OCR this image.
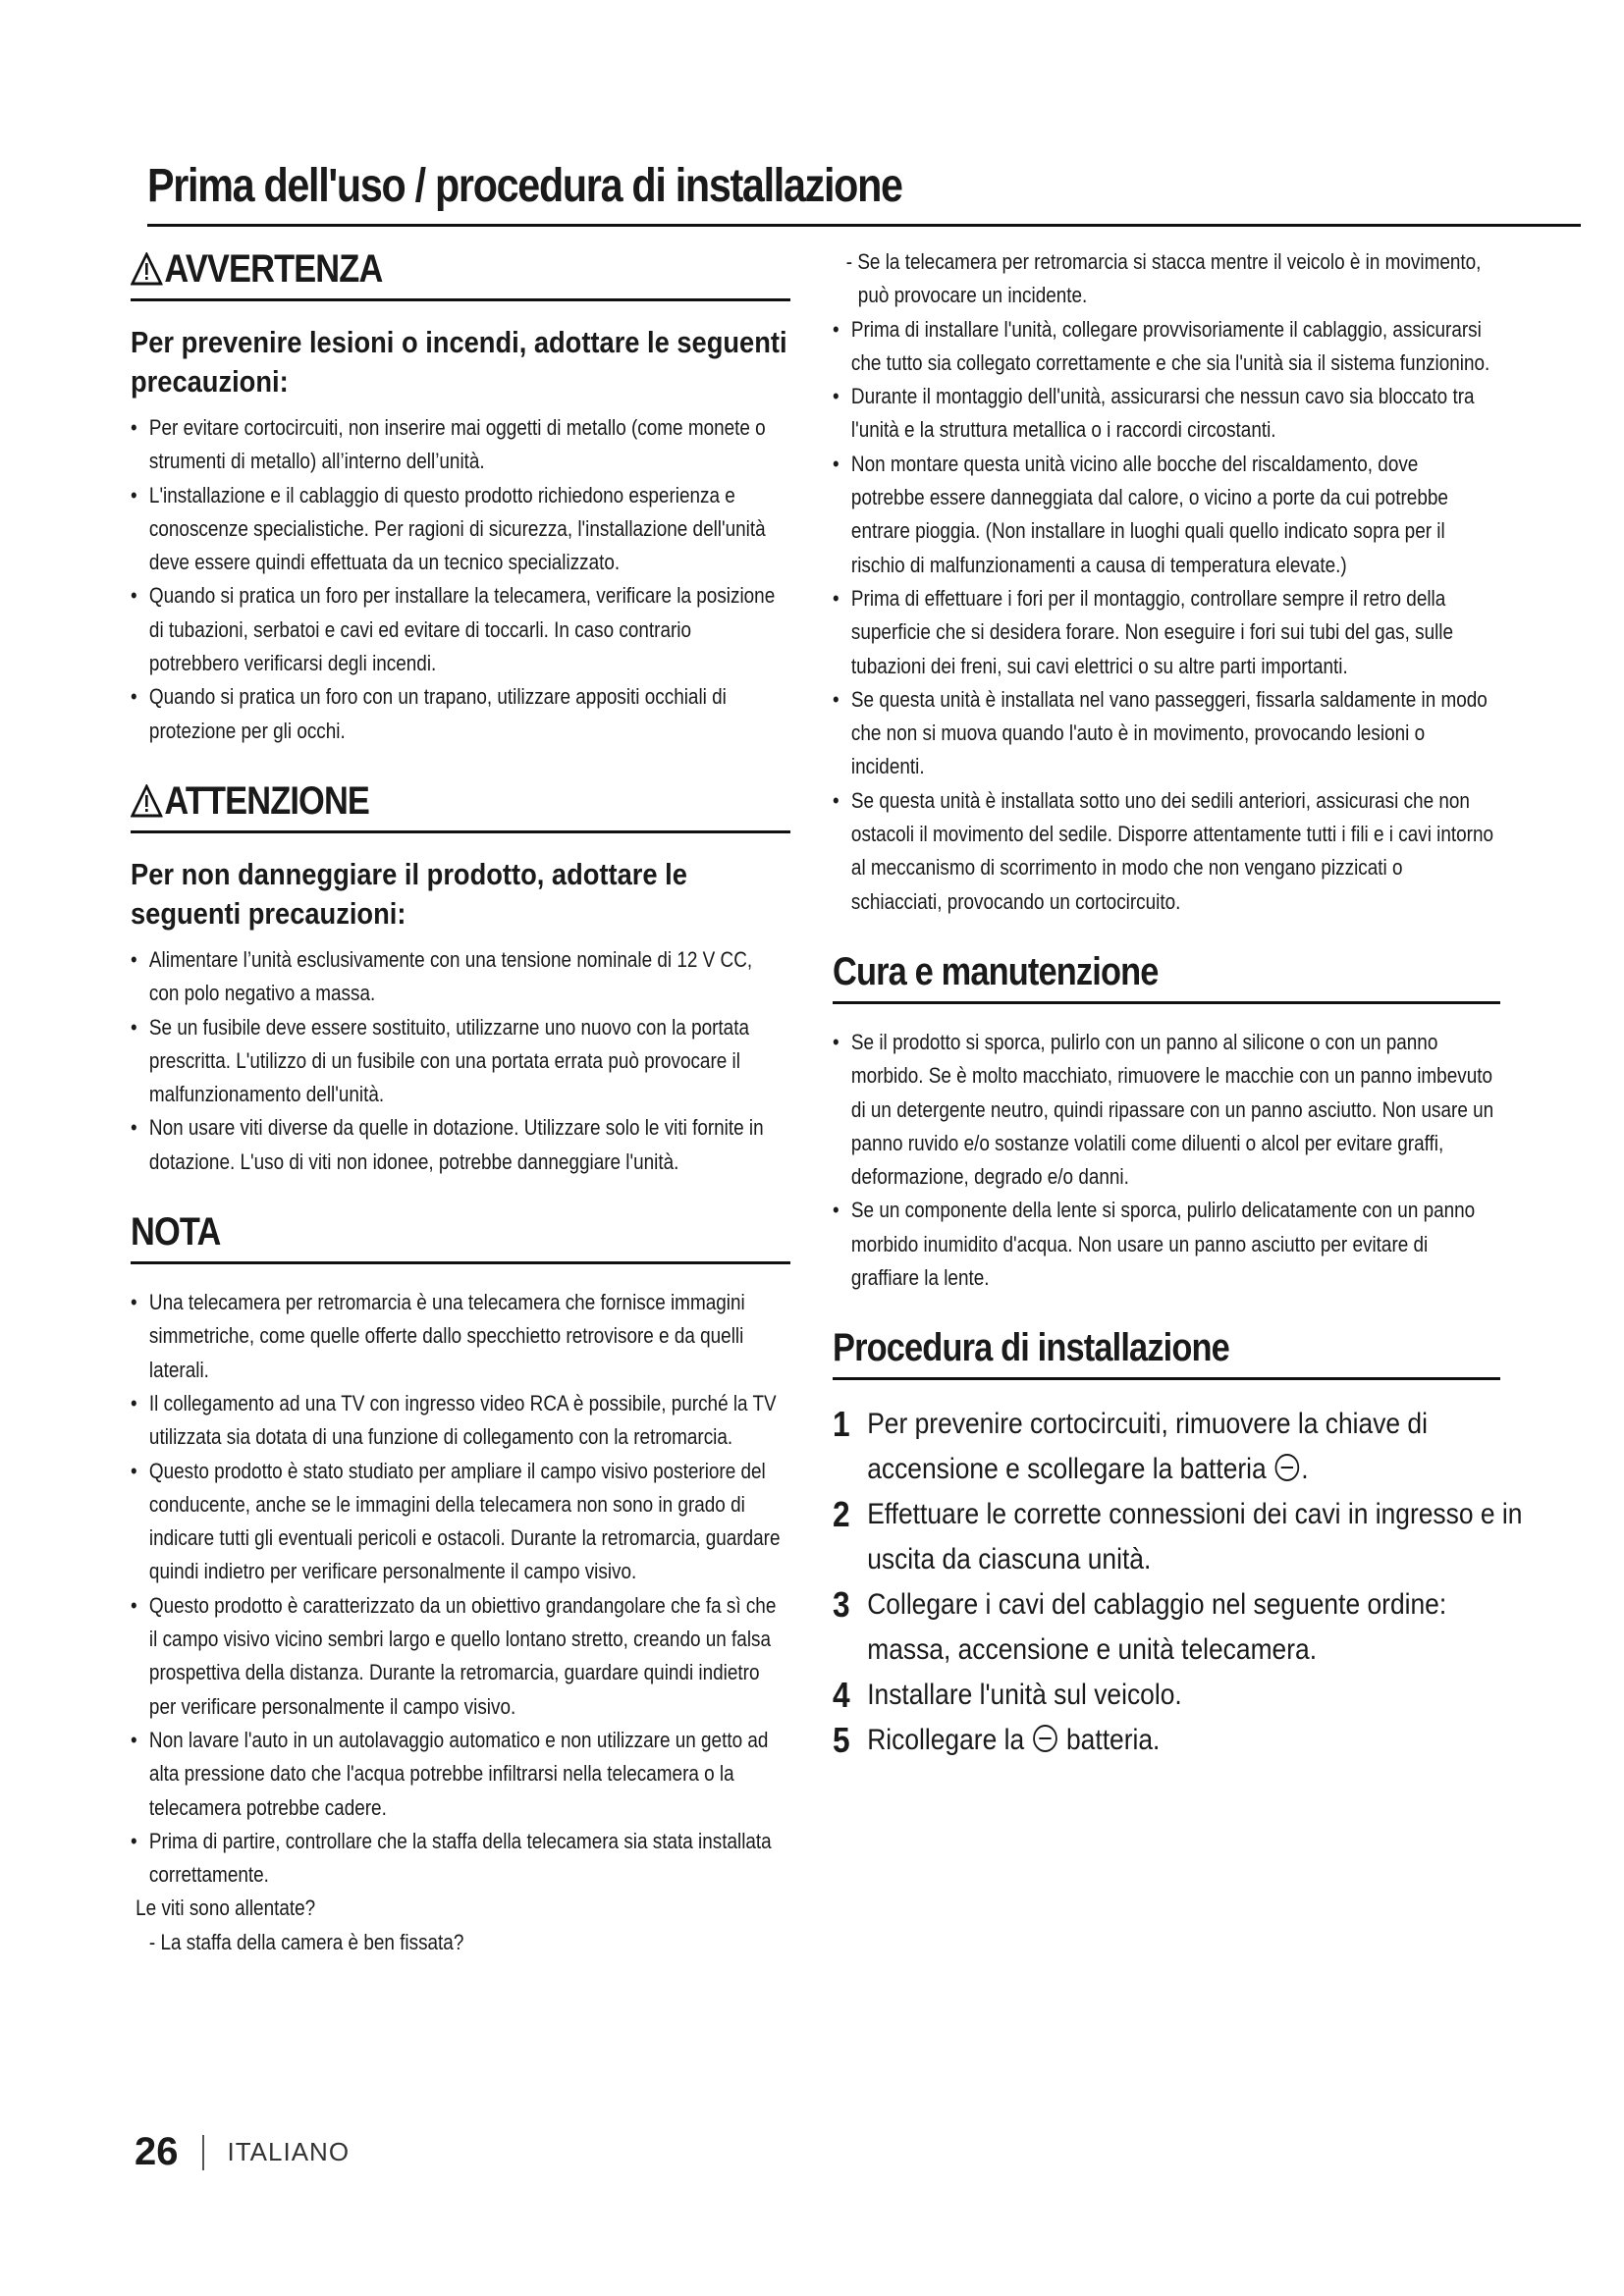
Prima dell'uso / procedura di installazione
AVVERTENZA
Per prevenire lesioni o incendi, adottare le seguenti precauzioni:
• Per evitare cortocircuiti, non inserire mai oggetti di metallo (come monete o strumenti di metallo) all’interno dell’unità.
• L'installazione e il cablaggio di questo prodotto richiedono esperienza e conoscenze specialistiche. Per ragioni di sicurezza, l'installazione dell'unità deve essere quindi effettuata da un tecnico specializzato.
• Quando si pratica un foro per installare la telecamera, verificare la posizione di tubazioni, serbatoi e cavi ed evitare di toccarli. In caso contrario potrebbero verificarsi degli incendi.
• Quando si pratica un foro con un trapano, utilizzare appositi occhiali di protezione per gli occhi.
ATTENZIONE
Per non danneggiare il prodotto, adottare le seguenti precauzioni:
• Alimentare l’unità esclusivamente con una tensione nominale di 12 V CC, con polo negativo a massa.
• Se un fusibile deve essere sostituito, utilizzarne uno nuovo con la portata prescritta. L'utilizzo di un fusibile con una portata errata può provocare il malfunzionamento dell'unità.
• Non usare viti diverse da quelle in dotazione. Utilizzare solo le viti fornite in dotazione. L'uso di viti non idonee, potrebbe danneggiare l'unità.
NOTA
• Una telecamera per retromarcia è una telecamera che fornisce immagini simmetriche, come quelle offerte dallo specchietto retrovisore e da quelli laterali.
• Il collegamento ad una TV con ingresso video RCA è possibile, purché la TV utilizzata sia dotata di una funzione di collegamento con la retromarcia.
• Questo prodotto è stato studiato per ampliare il campo visivo posteriore del conducente, anche se le immagini della telecamera non sono in grado di indicare tutti gli eventuali pericoli e ostacoli. Durante la retromarcia, guardare quindi indietro per verificare personalmente il campo visivo.
• Questo prodotto è caratterizzato da un obiettivo grandangolare che fa sì che il campo visivo vicino sembri largo e quello lontano stretto, creando un falsa prospettiva della distanza. Durante la retromarcia, guardare quindi indietro per verificare personalmente il campo visivo.
• Non lavare l'auto in un autolavaggio automatico e non utilizzare un getto ad alta pressione dato che l'acqua potrebbe infiltrarsi nella telecamera o la telecamera potrebbe cadere.
• Prima di partire, controllare che la staffa della telecamera sia stata installata correttamente.
Le viti sono allentate?
- La staffa della camera è ben fissata?
- Se la telecamera per retromarcia si stacca mentre il veicolo è in movimento, può provocare un incidente.
• Prima di installare l'unità, collegare provvisoriamente il cablaggio, assicurarsi che tutto sia collegato correttamente e che sia l'unità sia il sistema funzionino.
• Durante il montaggio dell'unità, assicurarsi che nessun cavo sia bloccato tra l'unità e la struttura metallica o i raccordi circostanti.
• Non montare questa unità vicino alle bocche del riscaldamento, dove potrebbe essere danneggiata dal calore, o vicino a porte da cui potrebbe entrare pioggia. (Non installare in luoghi quali quello indicato sopra per il rischio di malfunzionamenti a causa di temperatura elevate.)
• Prima di effettuare i fori per il montaggio, controllare sempre il retro della superficie che si desidera forare. Non eseguire i fori sui tubi del gas, sulle tubazioni dei freni, sui cavi elettrici o su altre parti importanti.
• Se questa unità è installata nel vano passeggeri, fissarla saldamente in modo che non si muova quando l'auto è in movimento, provocando lesioni o incidenti.
• Se questa unità è installata sotto uno dei sedili anteriori, assicurasi che non ostacoli il movimento del sedile. Disporre attentamente tutti i fili e i cavi intorno al meccanismo di scorrimento in modo che non vengano pizzicati o schiacciati, provocando un cortocircuito.
Cura e manutenzione
• Se il prodotto si sporca, pulirlo con un panno al silicone o con un panno morbido. Se è molto macchiato, rimuovere le macchie con un panno imbevuto di un detergente neutro, quindi ripassare con un panno asciutto. Non usare un panno ruvido e/o sostanze volatili come diluenti o alcol per evitare graffi, deformazione, degrado e/o danni.
• Se un componente della lente si sporca, pulirlo delicatamente con un panno morbido inumidito d'acqua. Non usare un panno asciutto per evitare di graffiare la lente.
Procedura di installazione
1 Per prevenire cortocircuiti, rimuovere la chiave di accensione e scollegare la batteria .
2 Effettuare le corrette connessioni dei cavi in ingresso e in uscita da ciascuna unità.
3 Collegare i cavi del cablaggio nel seguente ordine: massa, accensione e unità telecamera.
4 Installare l'unità sul veicolo.
5 Ricollegare la batteria.
26 ITALIANO
